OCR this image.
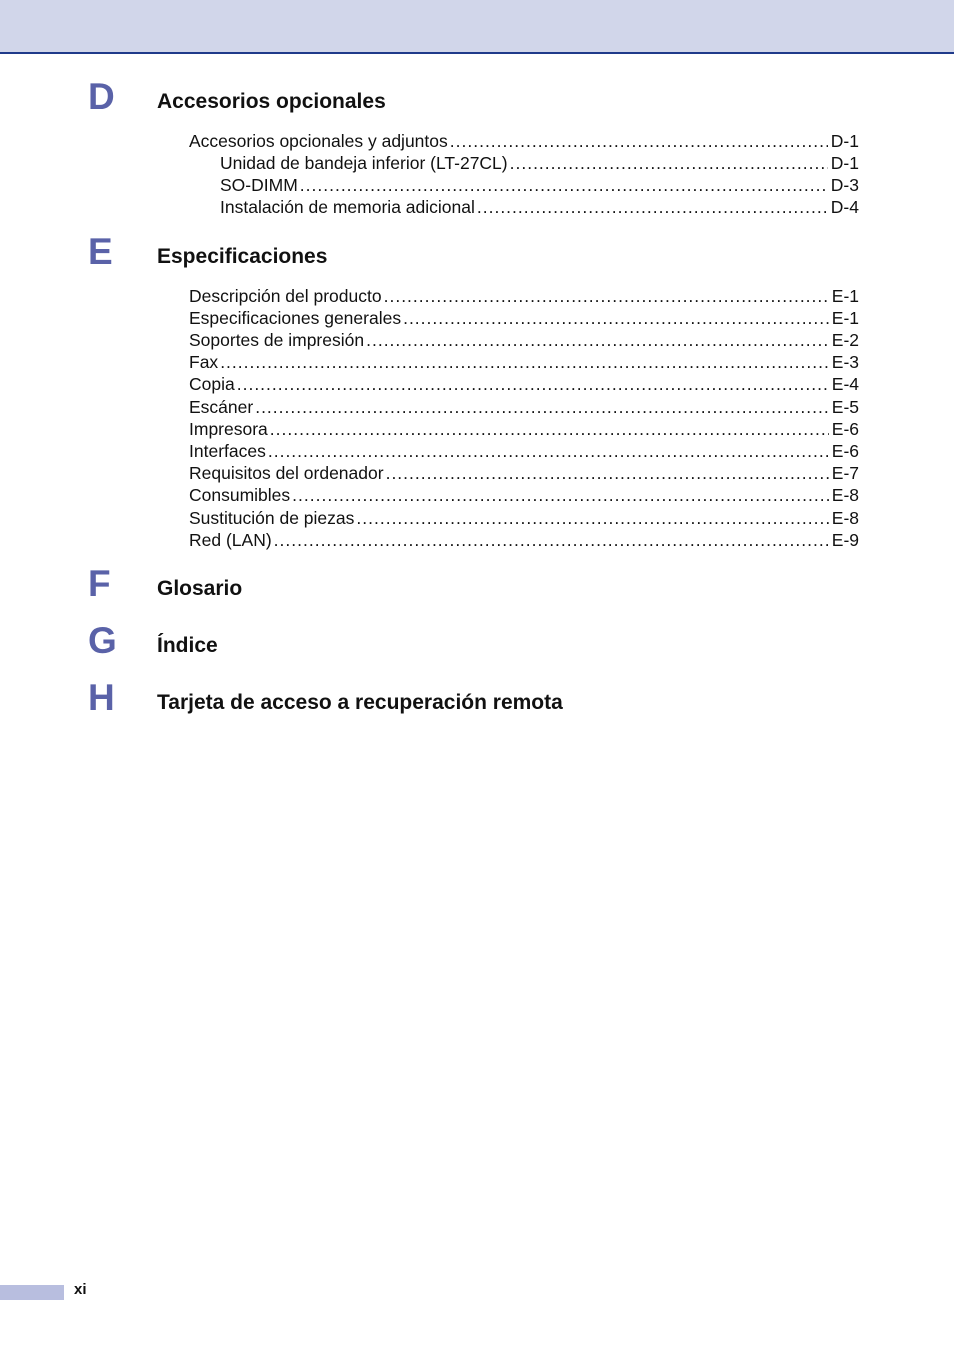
D	Accesorios opcionales
Accesorios opcionales y adjuntos .....	D-1
Unidad de bandeja inferior (LT-27CL) .....	D-1
SO-DIMM .....	D-3
Instalación de memoria adicional .....	D-4
E	Especificaciones
Descripción del producto .....	E-1
Especificaciones generales .....	E-1
Soportes de impresión .....	E-2
Fax .....	E-3
Copia .....	E-4
Escáner .....	E-5
Impresora .....	E-6
Interfaces .....	E-6
Requisitos del ordenador .....	E-7
Consumibles .....	E-8
Sustitución de piezas .....	E-8
Red (LAN) .....	E-9
F	Glosario
G	Índice
H	Tarjeta de acceso a recuperación remota
xi
